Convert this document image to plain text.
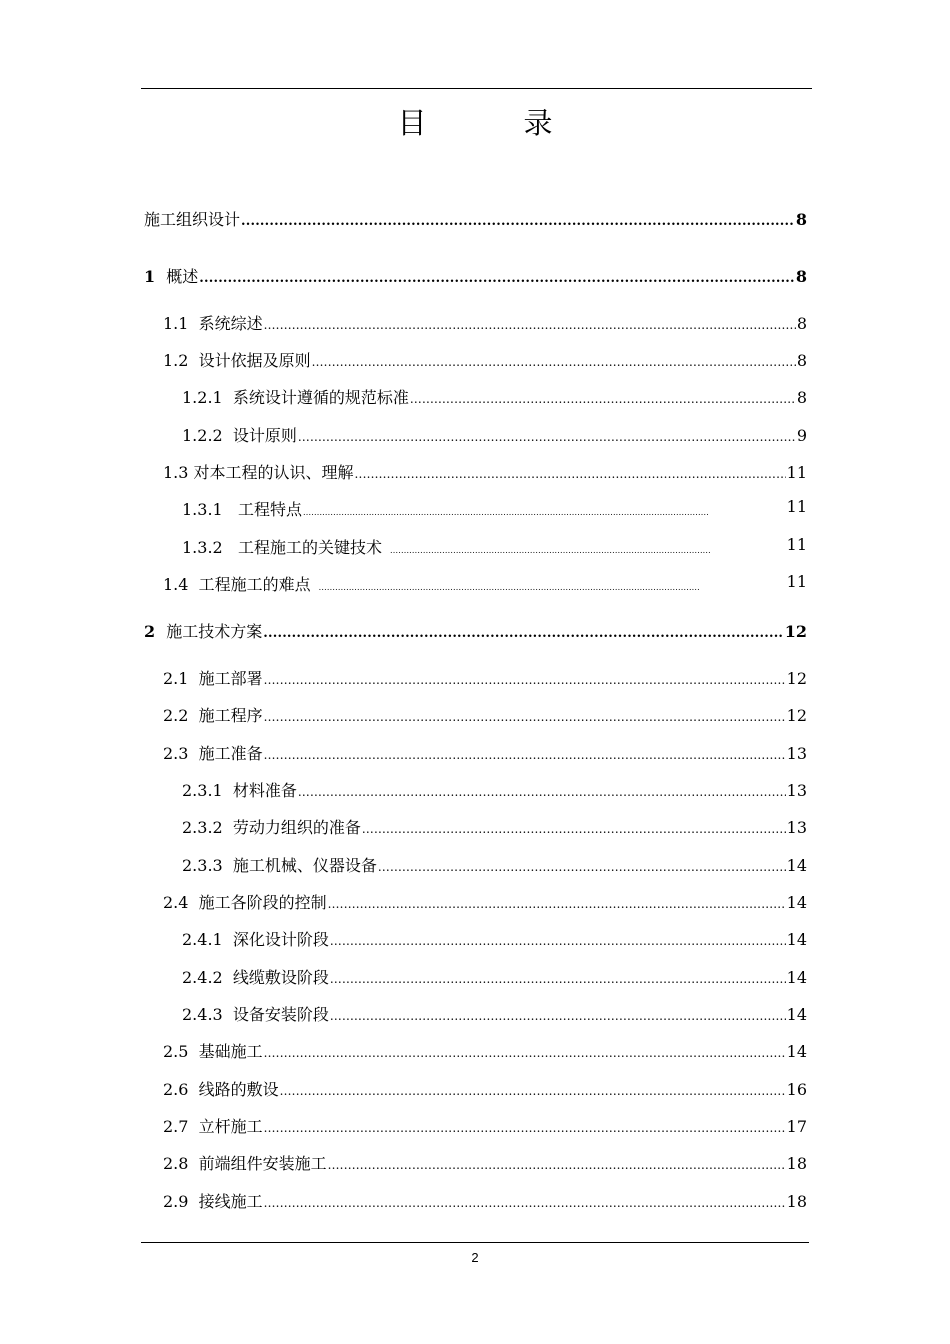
目　录
施工组织设计 .....	8
1 概述 .....	8
1.1 系统综述 .....	8
1.2 设计依据及原则 .....	8
1.2.1 系统设计遵循的规范标准 .....	8
1.2.2 设计原则 .....	9
1.3 对本工程的认识、理解 .....	11
1.3.1 工程特点 .....	11
1.3.2 工程施工的关键技术 .....	11
1.4 工程施工的难点 .....	11
2 施工技术方案 .....	12
2.1 施工部署 .....	12
2.2 施工程序 .....	12
2.3 施工准备 .....	13
2.3.1 材料准备 .....	13
2.3.2 劳动力组织的准备 .....	13
2.3.3 施工机械、仪器设备 .....	14
2.4 施工各阶段的控制 .....	14
2.4.1 深化设计阶段 .....	14
2.4.2 线缆敷设阶段 .....	14
2.4.3 设备安装阶段 .....	14
2.5 基础施工 .....	14
2.6 线路的敷设 .....	16
2.7 立杆施工 .....	17
2.8 前端组件安装施工 .....	18
2.9 接线施工 .....	18
2
